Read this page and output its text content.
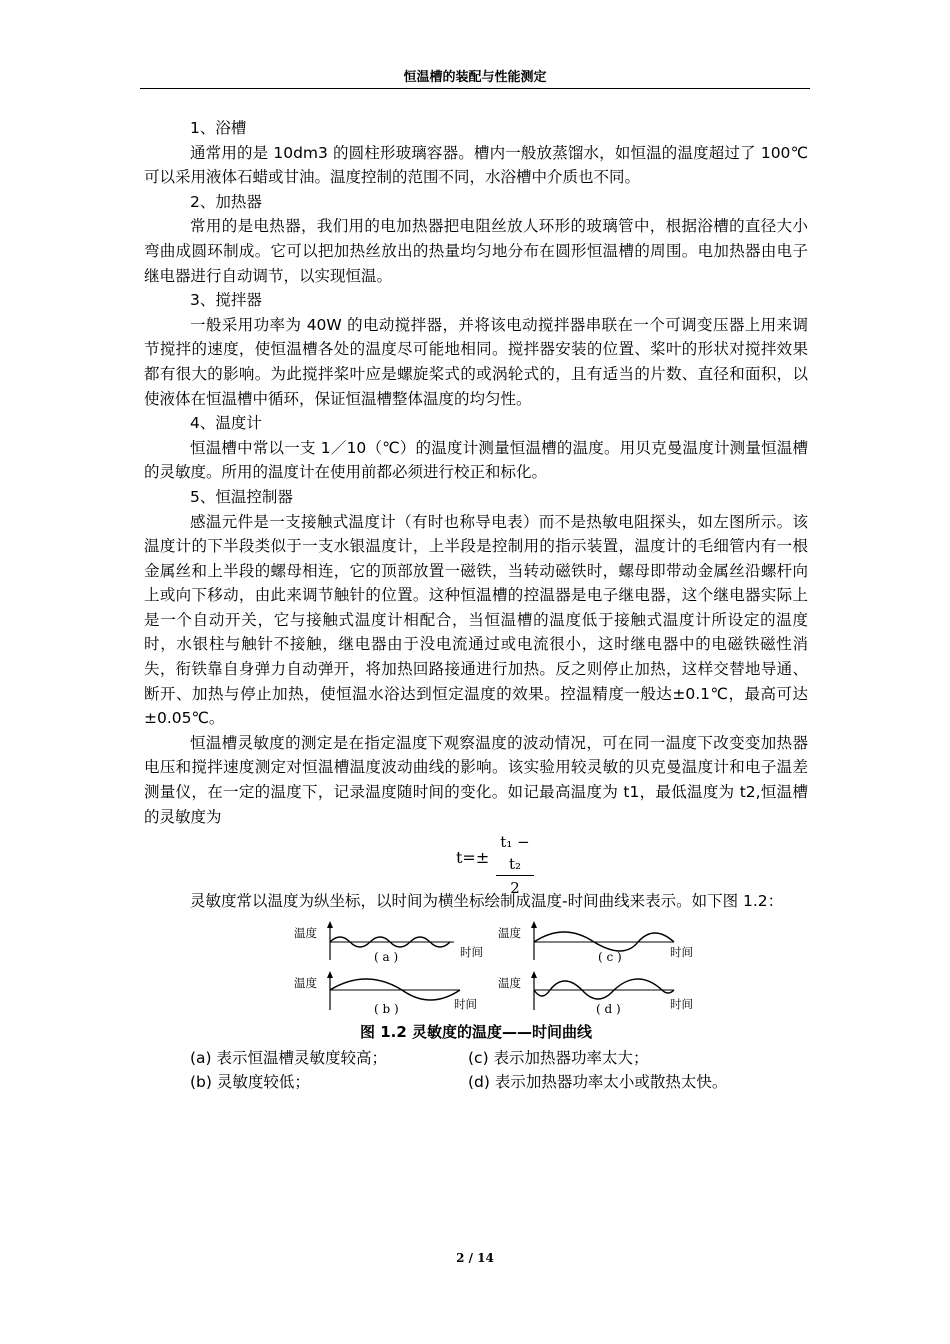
恒温槽的装配与性能测定

1、浴槽

通常用的是 10dm3 的圆柱形玻璃容器。槽内一般放蒸馏水，如恒温的温度超过了 100℃可以采用液体石蜡或甘油。温度控制的范围不同，水浴槽中介质也不同。

2、加热器

常用的是电热器，我们用的电加热器把电阻丝放人环形的玻璃管中，根据浴槽的直径大小弯曲成圆环制成。它可以把加热丝放出的热量均匀地分布在圆形恒温槽的周围。电加热器由电子继电器进行自动调节，以实现恒温。

3、搅拌器

一般采用功率为 40W 的电动搅拌器，并将该电动搅拌器串联在一个可调变压器上用来调节搅拌的速度，使恒温槽各处的温度尽可能地相同。搅拌器安装的位置、桨叶的形状对搅拌效果都有很大的影响。为此搅拌桨叶应是螺旋桨式的或涡轮式的，且有适当的片数、直径和面积，以使液体在恒温槽中循环，保证恒温槽整体温度的均匀性。

4、温度计

恒温槽中常以一支 1／10（℃）的温度计测量恒温槽的温度。用贝克曼温度计测量恒温槽的灵敏度。所用的温度计在使用前都必须进行校正和标化。

5、恒温控制器

感温元件是一支接触式温度计（有时也称导电表）而不是热敏电阻探头，如左图所示。该温度计的下半段类似于一支水银温度计，上半段是控制用的指示装置，温度计的毛细管内有一根金属丝和上半段的螺母相连，它的顶部放置一磁铁，当转动磁铁时，螺母即带动金属丝沿螺杆向上或向下移动，由此来调节触针的位置。这种恒温槽的控温器是电子继电器，这个继电器实际上是一个自动开关，它与接触式温度计相配合，当恒温槽的温度低于接触式温度计所设定的温度时，水银柱与触针不接触，继电器由于没电流通过或电流很小，这时继电器中的电磁铁磁性消失，衔铁靠自身弹力自动弹开，将加热回路接通进行加热。反之则停止加热，这样交替地导通、断开、加热与停止加热，使恒温水浴达到恒定温度的效果。控温精度一般达±0.1℃，最高可达±0.05℃。

恒温槽灵敏度的测定是在指定温度下观察温度的波动情况，可在同一温度下改变变加热器电压和搅拌速度测定对恒温槽温度波动曲线的影响。该实验用较灵敏的贝克曼温度计和电子温差测量仪，在一定的温度下，记录温度随时间的变化。如记最高温度为 t1，最低温度为 t2,恒温槽的灵敏度为

$t=\pm \frac{\text{t₁ − t₂}}{2}$

灵敏度常以温度为纵坐标，以时间为横坐标绘制成温度-时间曲线来表示。如下图 1.2：

温度
时间
( a )
温度
时间
( c )
温度
时间
( b )
温度
时间
( d )
图 1.2 灵敏度的温度——时间曲线
(a) 表示恒温槽灵敏度较高；	(c) 表示加热器功率太大；
(b) 灵敏度较低；	(d) 表示加热器功率太小或散热太快。
2 / 14
